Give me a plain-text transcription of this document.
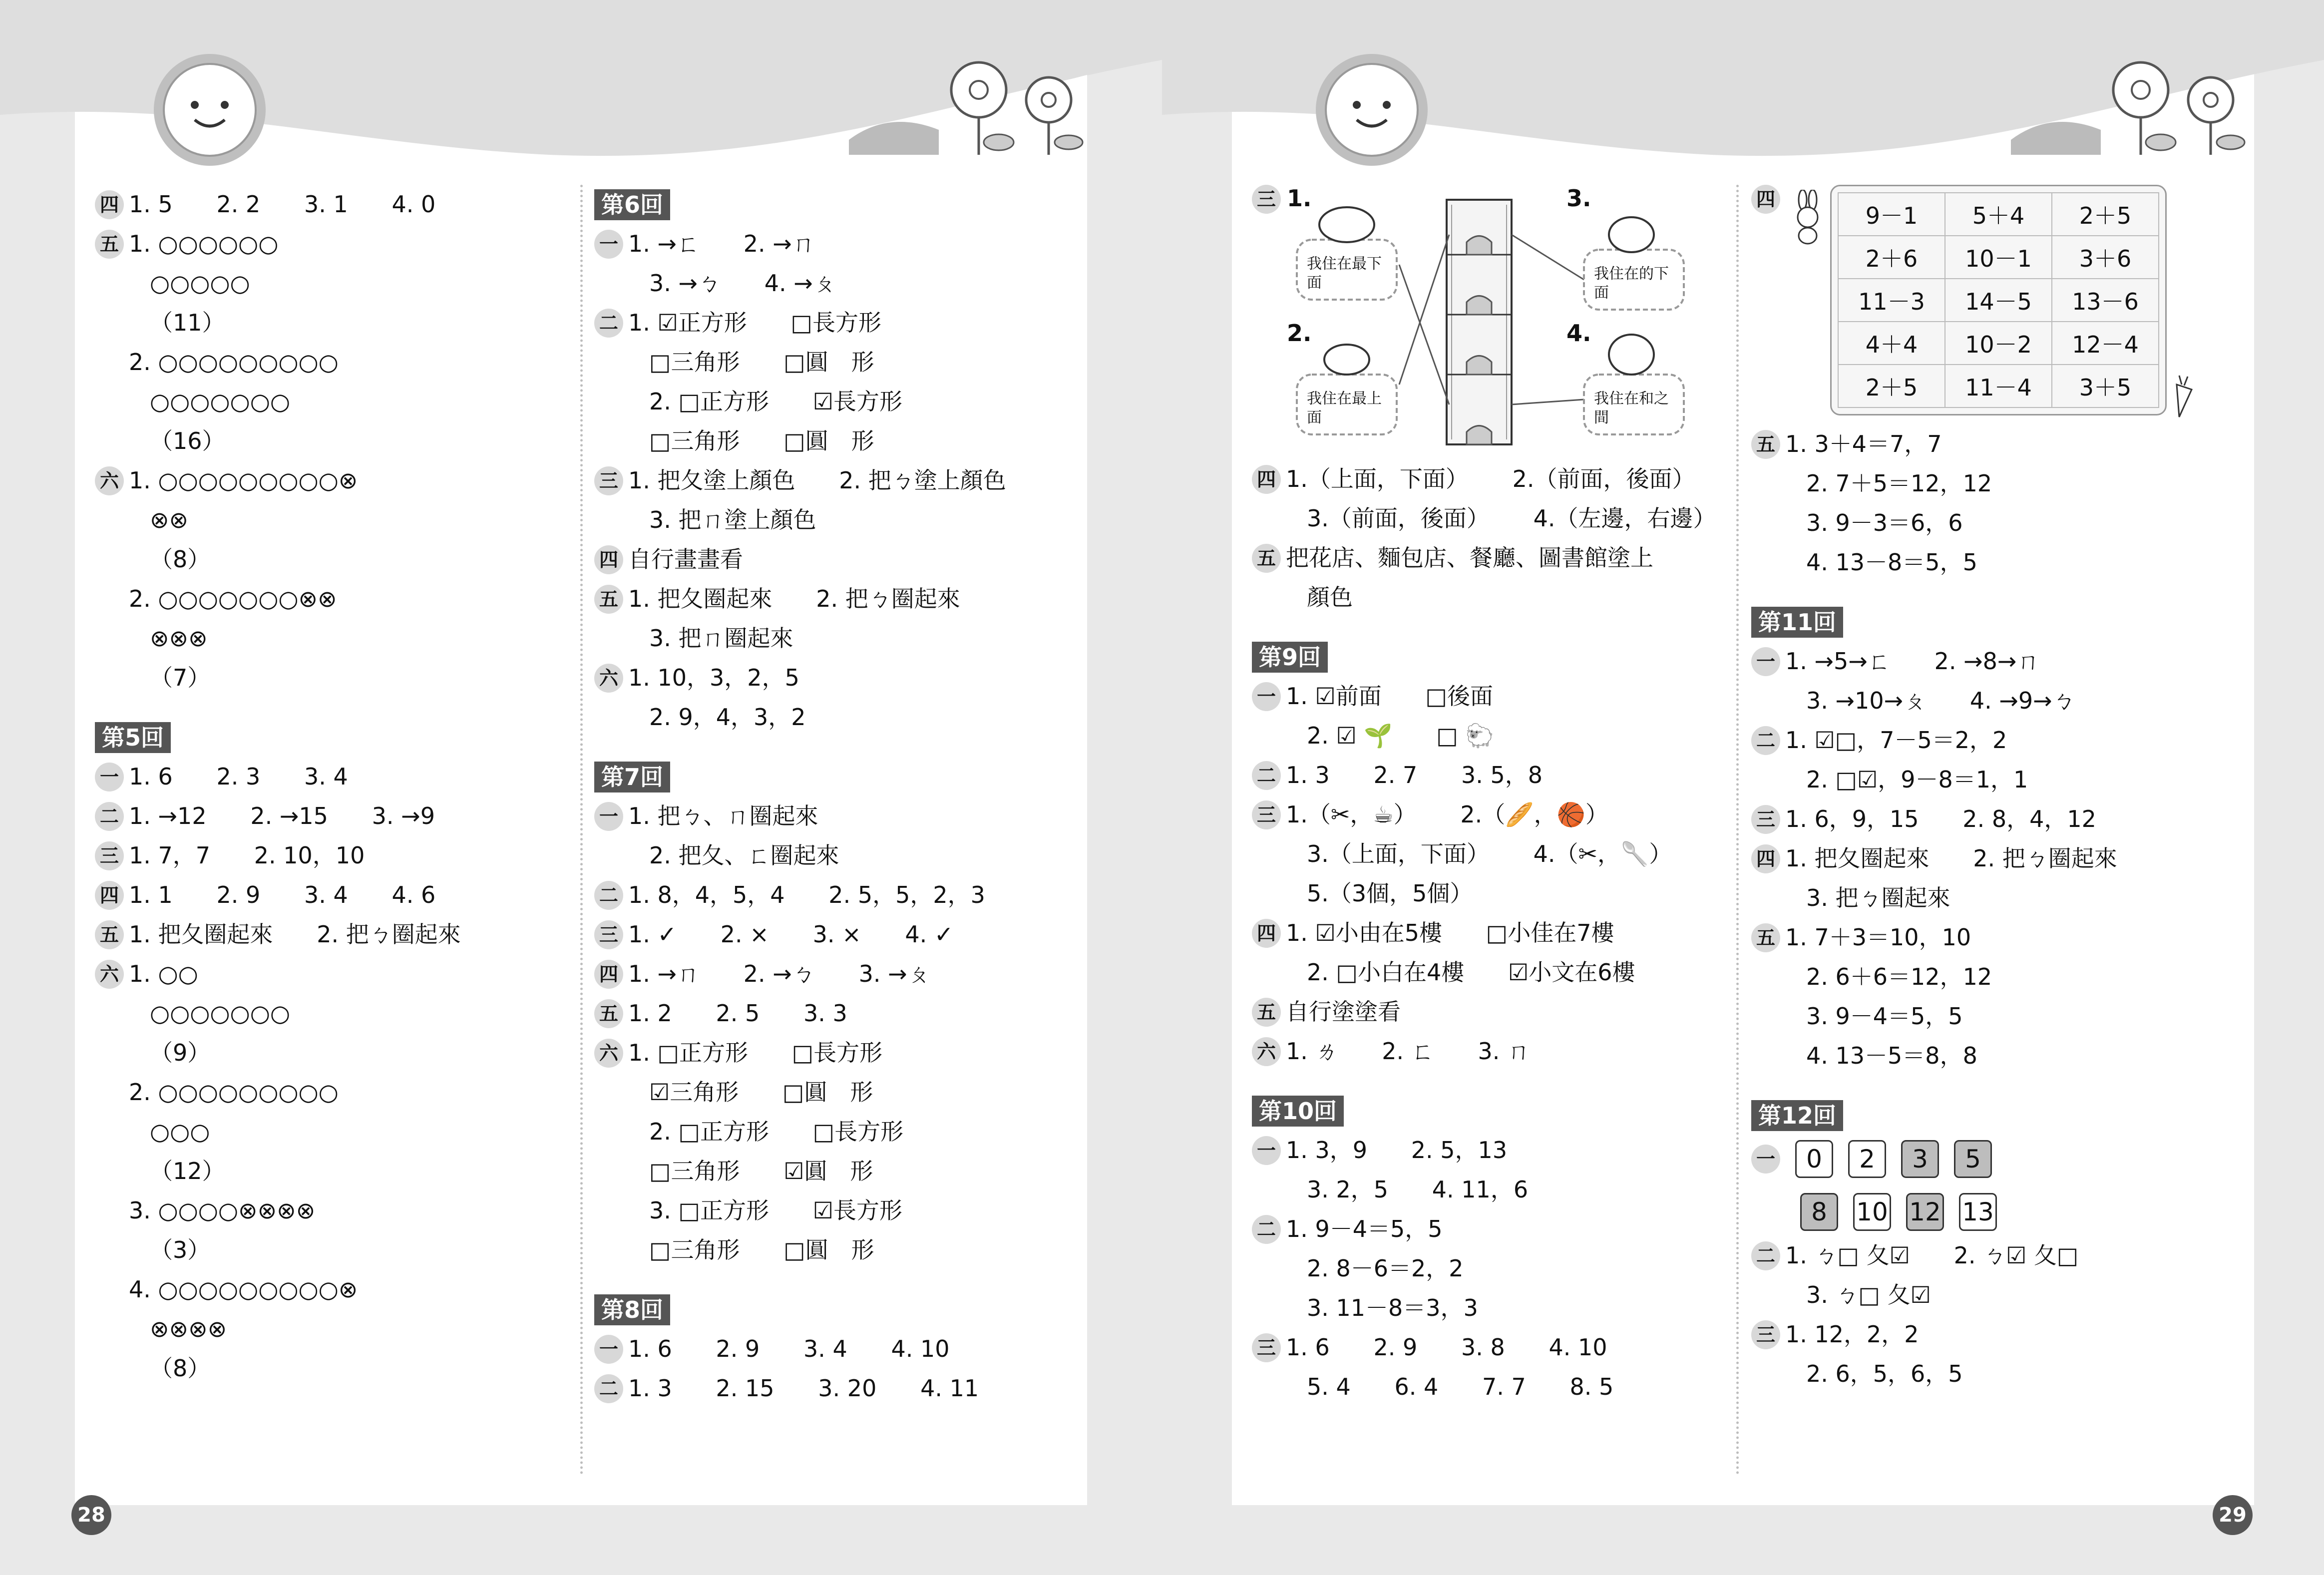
四 1. 5      2. 2      3. 1      4. 0
五 1. ○○○○○○
○○○○○
（11）
2. ○○○○○○○○○
○○○○○○○
（16）
六 1. ○○○○○○○○○⊗
⊗⊗
（8）
2. ○○○○○○○⊗⊗
⊗⊗⊗
（7）
第5回
一 1. 6      2. 3      3. 4
二 1. →12      2. →15      3. →9
三 1. 7，7      2. 10，10
四 1. 1      2. 9      3. 4      4. 6
五 1. 把夂圈起來      2. 把ㄅ圈起來
六 1. ○○
○○○○○○○
（9）
2. ○○○○○○○○○
○○○
（12）
3. ○○○○⊗⊗⊗⊗
（3）
4. ○○○○○○○○○⊗
⊗⊗⊗⊗
（8）
第6回
一 1. →ㄈ      2. →ㄇ
3. →ㄅ      4. →ㄆ
二 1. ☑正方形      □長方形
□三角形      □圓　形
2. □正方形      ☑長方形
□三角形      □圓　形
三 1. 把夂塗上顏色      2. 把ㄅ塗上顏色
3. 把ㄇ塗上顏色
四 自行畫畫看
五 1. 把夂圈起來      2. 把ㄅ圈起來
3. 把ㄇ圈起來
六 1. 10，3，2，5
2. 9，4，3，2
第7回
一 1. 把ㄅ、ㄇ圈起來
2. 把夂、ㄈ圈起來
二 1. 8，4，5，4      2. 5，5，2，3
三 1. ✓      2. ×      3. ×      4. ✓
四 1. →ㄇ      2. →ㄅ      3. →ㄆ
五 1. 2      2. 5      3. 3
六 1. □正方形      □長方形
☑三角形      □圓　形
2. □正方形      □長方形
□三角形      ☑圓　形
3. □正方形      ☑長方形
□三角形      □圓　形
第8回
一 1. 6      2. 9      3. 4      4. 10
二 1. 3      2. 15      3. 20      4. 11
28
三 1.
2.
3.
4.
我住在最下面
我住在最上面
我住在的下面
我住在和之間
四 1.（上面，下面）      2.（前面，後面）
3.（前面，後面）      4.（左邊，右邊）
五 把花店、麵包店、餐廳、圖書館塗上
顏色
第9回
一 1. ☑前面      □後面
2. ☑ 🌱      □ 🐑
二 1. 3      2. 7      3. 5，8
三 1.（✂，☕）      2.（🥖，🏀）
3.（上面，下面）      4.（✂，🥄）
5.（3個，5個）
四 1. ☑小由在5樓      □小佳在7樓
2. □小白在4樓      ☑小文在6樓
五 自行塗塗看
六 1. ㄌ      2. ㄈ      3. ㄇ
第10回
一 1. 3，9      2. 5，13
3. 2，5      4. 11，6
二 1. 9－4＝5，5
2. 8－6＝2，2
3. 11－8＝3，3
三 1. 6      2. 9      3. 8      4. 10
5. 4      6. 4      7. 7      8. 5
四
9－1	5＋4	2＋5
2＋6	10－1	3＋6
11－3	14－5	13－6
4＋4	10－2	12－4
2＋5	11－4	3＋5
五 1. 3＋4＝7，7
2. 7＋5＝12，12
3. 9－3＝6，6
4. 13－8＝5，5
第11回
一 1. →5→ㄈ      2. →8→ㄇ
3. →10→ㄆ      4. →9→ㄅ
二 1. ☑□，7－5＝2，2
2. □☑，9－8＝1，1
三 1. 6，9，15      2. 8，4，12
四 1. 把夂圈起來      2. 把ㄅ圈起來
3. 把ㄅ圈起來
五 1. 7＋3＝10，10
2. 6＋6＝12，12
3. 9－4＝5，5
4. 13－5＝8，8
第12回
一	0 2 3 5
8 10 12 13
二 1. ㄅ□ 夂☑      2. ㄅ☑ 夂□
3. ㄅ□ 夂☑
三 1. 12，2，2
2. 6，5，6，5
29
